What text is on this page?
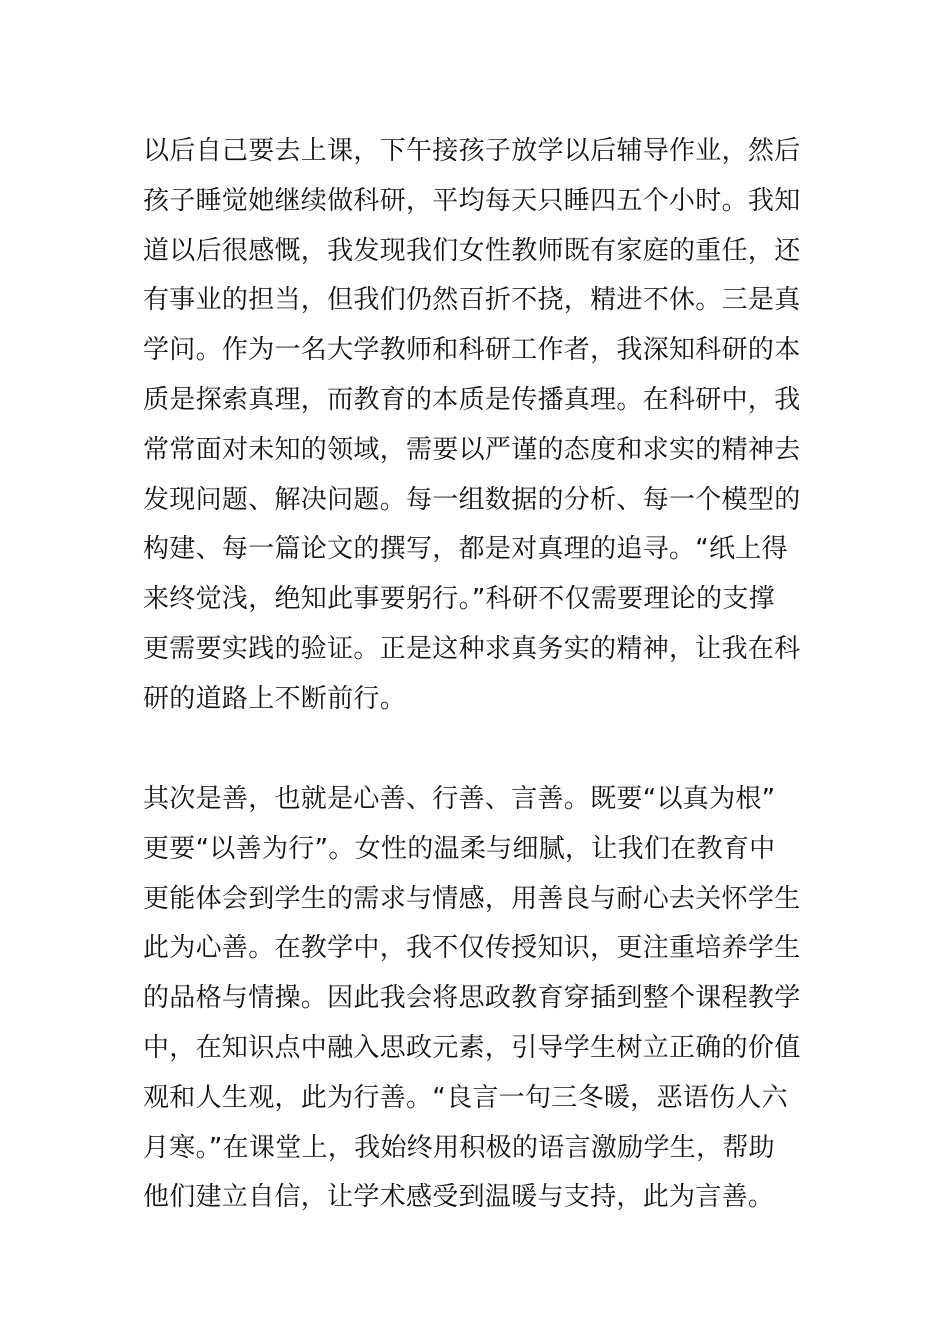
以后自己要去上课，下午接孩子放学以后辅导作业，然后
孩子睡觉她继续做科研，平均每天只睡四五个小时。我知
道以后很感慨，我发现我们女性教师既有家庭的重任，还
有事业的担当，但我们仍然百折不挠，精进不休。三是真
学问。作为一名大学教师和科研工作者，我深知科研的本
质是探索真理，而教育的本质是传播真理。在科研中，我
常常面对未知的领域，需要以严谨的态度和求实的精神去
发现问题、解决问题。每一组数据的分析、每一个模型的
构建、每一篇论文的撰写，都是对真理的追寻。“纸上得
来终觉浅，绝知此事要躬行。”科研不仅需要理论的支撑
更需要实践的验证。正是这种求真务实的精神，让我在科
研的道路上不断前行。
其次是善，也就是心善、行善、言善。既要“以真为根”
更要“以善为行”。女性的温柔与细腻，让我们在教育中
更能体会到学生的需求与情感，用善良与耐心去关怀学生
此为心善。在教学中，我不仅传授知识，更注重培养学生
的品格与情操。因此我会将思政教育穿插到整个课程教学
中，在知识点中融入思政元素，引导学生树立正确的价值
观和人生观，此为行善。“良言一句三冬暖，恶语伤人六
月寒。”在课堂上，我始终用积极的语言激励学生，帮助
他们建立自信，让学术感受到温暖与支持，此为言善。
